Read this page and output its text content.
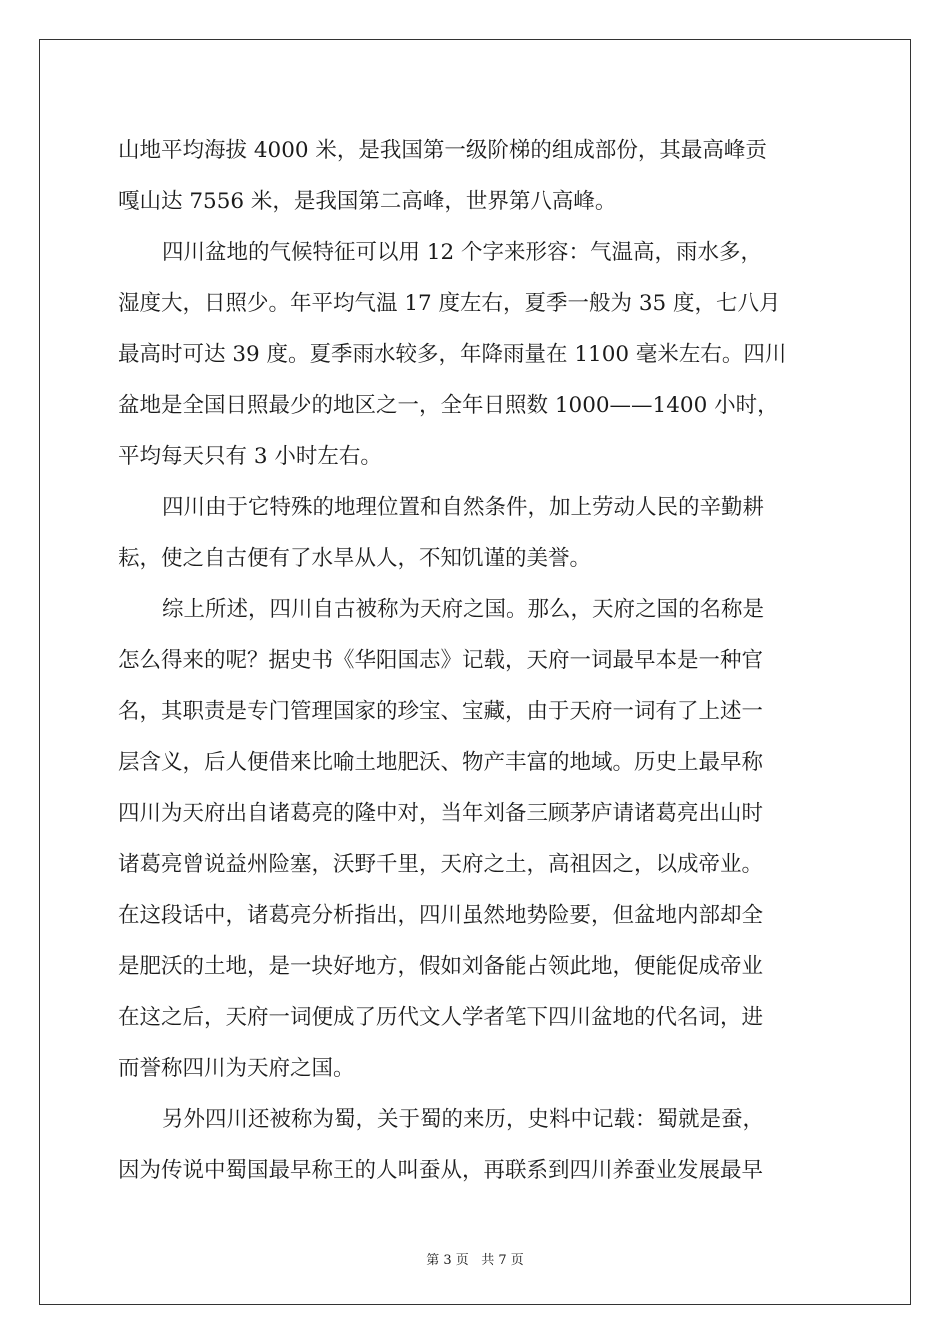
山地平均海拔 4000 米，是我国第一级阶梯的组成部份，其最高峰贡
嘎山达 7556 米，是我国第二高峰，世界第八高峰。
四川盆地的气候特征可以用 12 个字来形容：气温高，雨水多，
湿度大，日照少。年平均气温 17 度左右，夏季一般为 35 度，七八月
最高时可达 39 度。夏季雨水较多，年降雨量在 1100 毫米左右。四川
盆地是全国日照最少的地区之一，全年日照数 1000——1400 小时，
平均每天只有 3 小时左右。
四川由于它特殊的地理位置和自然条件，加上劳动人民的辛勤耕
耘，使之自古便有了水旱从人，不知饥谨的美誉。
综上所述，四川自古被称为天府之国。那么，天府之国的名称是
怎么得来的呢？据史书《华阳国志》记载，天府一词最早本是一种官
名，其职责是专门管理国家的珍宝、宝藏，由于天府一词有了上述一
层含义，后人便借来比喻土地肥沃、物产丰富的地域。历史上最早称
四川为天府出自诸葛亮的隆中对，当年刘备三顾茅庐请诸葛亮出山时
诸葛亮曾说益州险塞，沃野千里，天府之土，高祖因之，以成帝业。
在这段话中，诸葛亮分析指出，四川虽然地势险要，但盆地内部却全
是肥沃的土地，是一块好地方，假如刘备能占领此地，便能促成帝业
在这之后，天府一词便成了历代文人学者笔下四川盆地的代名词，进
而誉称四川为天府之国。
另外四川还被称为蜀，关于蜀的来历，史料中记载：蜀就是蚕，
因为传说中蜀国最早称王的人叫蚕从，再联系到四川养蚕业发展最早
第 3 页   共 7 页
